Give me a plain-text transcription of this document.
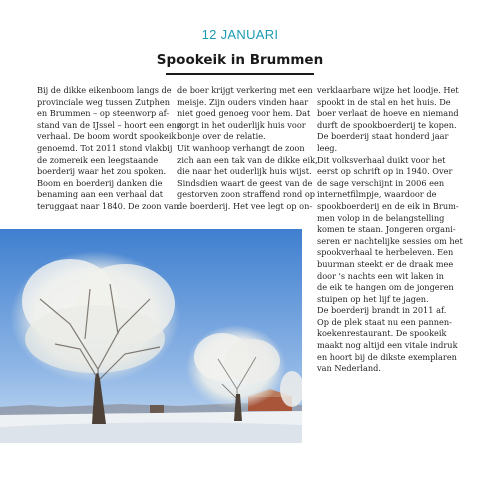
12 JANUARI
Spookeik in Brummen
Bij de dikke eikenboom langs de
provinciale weg tussen Zutphen
en Brummen – op steenworp af-
stand van de IJssel – hoort een eng
verhaal. De boom wordt spookeik
genoemd. Tot 2011 stond vlakbij
de zomereik een leegstaande
boerderij waar het zou spoken.
Boom en boerderij danken die
benaming aan een verhaal dat
teruggaat naar 1840. De zoon van
de boer krijgt verkering met een
meisje. Zijn ouders vinden haar
niet goed genoeg voor hem. Dat
zorgt in het ouderlijk huis voor
bonje over de relatie.
Uit wanhoop verhangt de zoon
zich aan een tak van de dikke eik,
die naar het ouderlijk huis wijst.
Sindsdien waart de geest van de
gestorven zoon straffend rond op
de boerderij. Het vee legt op on-
verklaarbare wijze het loodje. Het
spookt in de stal en het huis. De
boer verlaat de hoeve en niemand
durft de spookboerderij te kopen.
De boerderij staat honderd jaar
leeg.
Dit volksverhaal duikt voor het
eerst op schrift op in 1940. Over
de sage verschijnt in 2006 een
internetfilmpje, waardoor de
spookboerderij en de eik in Brum-
men volop in de belangstelling
komen te staan. Jongeren organi-
seren er nachtelijke sessies om het
spookverhaal te herbeleven. Een
buurman steekt er de draak mee
door 's nachts een wit laken in
de eik te hangen om de jongeren
stuipen op het lijf te jagen.
De boerderij brandt in 2011 af.
Op de plek staat nu een pannen-
koekenrestaurant. De spookeik
maakt nog altijd een vitale indruk
en hoort bij de dikste exemplaren
van Nederland.
